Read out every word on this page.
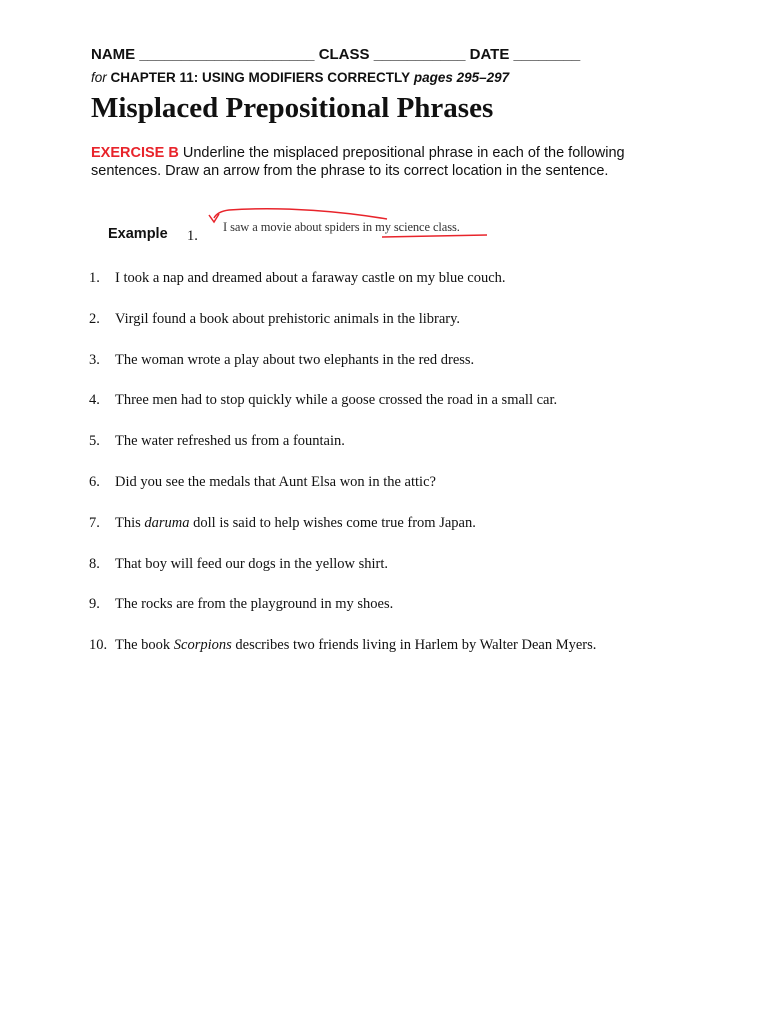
NAME _____________________ CLASS ___________ DATE ________
for CHAPTER 11: USING MODIFIERS CORRECTLY pages 295–297
Misplaced Prepositional Phrases
EXERCISE B Underline the misplaced prepositional phrase in each of the following sentences. Draw an arrow from the phrase to its correct location in the sentence.
Example 1.
I saw a movie about spiders in my science class.
1.	I took a nap and dreamed about a faraway castle on my blue couch.
2.	Virgil found a book about prehistoric animals in the library.
3.	The woman wrote a play about two elephants in the red dress.
4.	Three men had to stop quickly while a goose crossed the road in a small car.
5.	The water refreshed us from a fountain.
6.	Did you see the medals that Aunt Elsa won in the attic?
7.	This daruma doll is said to help wishes come true from Japan.
8.	That boy will feed our dogs in the yellow shirt.
9.	The rocks are from the playground in my shoes.
10. The book Scorpions describes two friends living in Harlem by Walter Dean Myers.
